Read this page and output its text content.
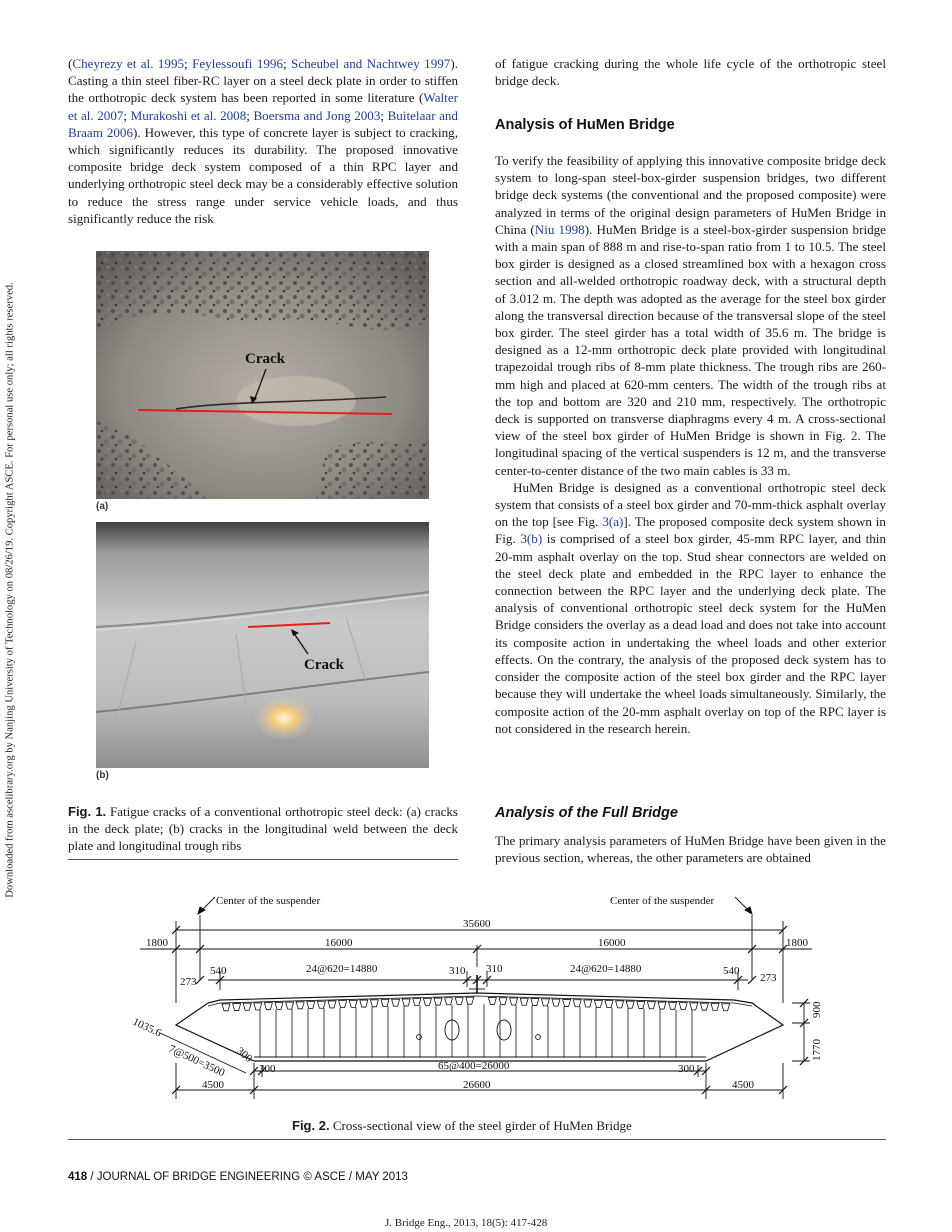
Downloaded from ascelibrary.org by Nanjing University of Technology on 08/26/19. Copyright ASCE. For personal use only; all rights reserved.

(Cheyrezy et al. 1995; Feylessoufi 1996; Scheubel and Nachtwey 1997). Casting a thin steel fiber-RC layer on a steel deck plate in order to stiffen the orthotropic deck system has been reported in some literature (Walter et al. 2007; Murakoshi et al. 2008; Boersma and Jong 2003; Buitelaar and Braam 2006). However, this type of concrete layer is subject to cracking, which significantly reduces its durability. The proposed innovative composite bridge deck system composed of a thin RPC layer and underlying orthotropic steel deck may be a considerably effective solution to reduce the stress range under service vehicle loads, and thus significantly reduce the risk

Crack
(a)
Crack
(b)
Fig. 1. Fatigue cracks of a conventional orthotropic steel deck: (a) cracks in the deck plate; (b) cracks in the longitudinal weld between the deck plate and longitudinal trough ribs

of fatigue cracking during the whole life cycle of the orthotropic steel bridge deck.

Analysis of HuMen Bridge

To verify the feasibility of applying this innovative composite bridge deck system to long-span steel-box-girder suspension bridges, two different bridge deck systems (the conventional and the proposed composite) were analyzed in terms of the original design parameters of HuMen Bridge in China (Niu 1998). HuMen Bridge is a steel-box-girder suspension bridge with a main span of 888 m and rise-to-span ratio from 1 to 10.5. The steel box girder is designed as a closed streamlined box with a hexagon cross section and all-welded orthotropic roadway deck, with a structural depth of 3.012 m. The depth was adopted as the average for the steel box girder along the transversal direction because of the transversal slope of the steel box girder. The steel girder has a total width of 35.6 m. The bridge is designed as a 12-mm orthotropic deck plate provided with longitudinal trapezoidal trough ribs of 8-mm plate thickness. The trough ribs are 260-mm high and placed at 620-mm centers. The width of the trough ribs at the top and bottom are 320 and 210 mm, respectively. The orthotropic deck is supported on transverse diaphragms every 4 m. A cross-sectional view of the steel box girder of HuMen Bridge is shown in Fig. 2. The longitudinal spacing of the vertical suspenders is 12 m, and the transverse center-to-center distance of the two main cables is 33 m.

HuMen Bridge is designed as a conventional orthotropic steel deck system that consists of a steel box girder and 70-mm-thick asphalt overlay on the top [see Fig. 3(a)]. The proposed composite deck system shown in Fig. 3(b) is comprised of a steel box girder, 45-mm RPC layer, and thin 20-mm asphalt overlay on the top. Stud shear connectors are welded on the steel deck plate and embedded in the RPC layer to enhance the connection between the RPC layer and the underlying deck plate. The analysis of conventional orthotropic steel deck system for the HuMen Bridge considers the overlay as a dead load and does not take into account its composite action in undertaking the wheel loads and other exterior effects. On the contrary, the analysis of the proposed deck system has to consider the composite action of the steel box girder and the RPC layer because they will undertake the wheel loads simultaneously. Similarly, the composite action of the 20-mm asphalt overlay on top of the RPC layer is not considered in the research herein.

Analysis of the Full Bridge

The primary analysis parameters of HuMen Bridge have been given in the previous section, whereas, the other parameters are obtained

Center of the suspender	Center of the suspender
35600
1800	1800
16000	16000
540	540
24@620=14880	24@620=14880
310 310
273	273
900
1770
1035.6
7@500=3500 300
300	300
65@400=26000
4500	26600	4500
Fig. 2. Cross-sectional view of the steel girder of HuMen Bridge
418 / JOURNAL OF BRIDGE ENGINEERING © ASCE / MAY 2013
J. Bridge Eng., 2013, 18(5): 417-428
